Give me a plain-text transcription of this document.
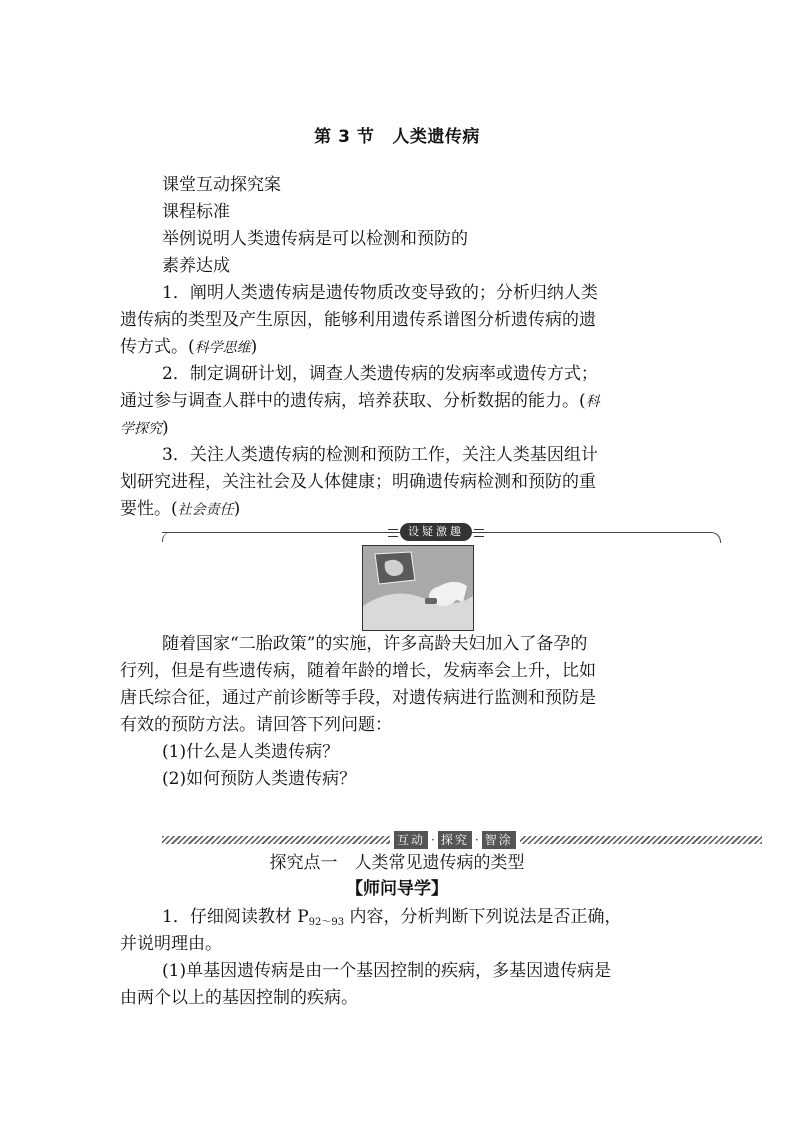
第 3 节 人类遗传病
课堂互动探究案
课程标准
举例说明人类遗传病是可以检测和预防的
素养达成
1．阐明人类遗传病是遗传物质改变导致的；分析归纳人类
遗传病的类型及产生原因，能够利用遗传系谱图分析遗传病的遗
传方式。(科学思维)
2．制定调研计划，调查人类遗传病的发病率或遗传方式；
通过参与调查人群中的遗传病，培养获取、分析数据的能力。(科
学探究)
3．关注人类遗传病的检测和预防工作，关注人类基因组计
划研究进程，关注社会及人体健康；明确遗传病检测和预防的重
要性。(社会责任)
设疑激趣
随着国家“二胎政策”的实施，许多高龄夫妇加入了备孕的
行列，但是有些遗传病，随着年龄的增长，发病率会上升，比如
唐氏综合征，通过产前诊断等手段，对遗传病进行监测和预防是
有效的预防方法。请回答下列问题：
(1)什么是人类遗传病？
(2)如何预防人类遗传病？
互动 · 探究 · 智涂
探究点一　人类常见遗传病的类型
【师问导学】
1．仔细阅读教材 $P_{92\sim 93}$ 内容，分析判断下列说法是否正确，
并说明理由。
(1)单基因遗传病是由一个基因控制的疾病，多基因遗传病是
由两个以上的基因控制的疾病。
